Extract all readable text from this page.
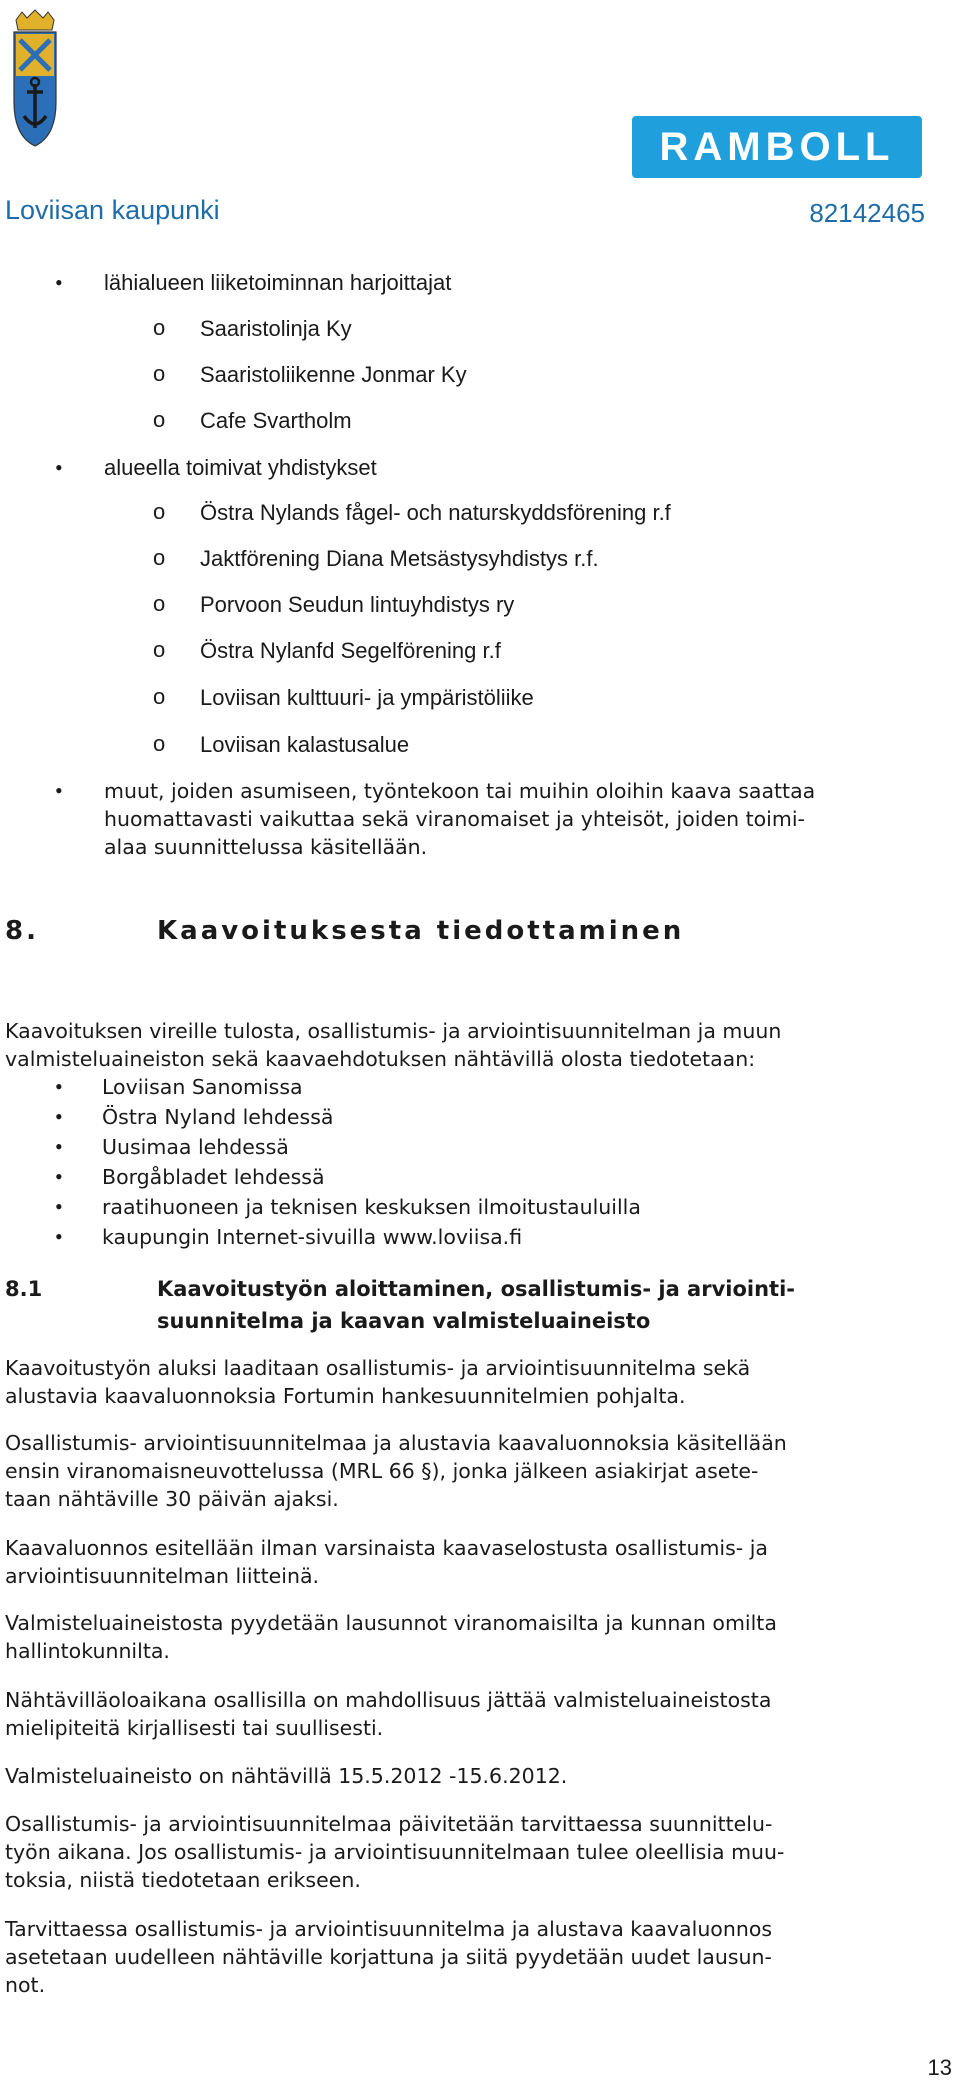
RAMBOLL
Loviisan kaupunki	82142465
• lähialueen liiketoiminnan harjoittajat
o Saaristolinja Ky
o Saaristoliikenne Jonmar Ky
o Cafe Svartholm
• alueella toimivat yhdistykset
o Östra Nylands fågel- och naturskyddsförening r.f
o Jaktförening Diana Metsästysyhdistys r.f.
o Porvoon Seudun lintuyhdistys ry
o Östra Nylanfd Segelförening r.f
o Loviisan kulttuuri- ja ympäristöliike
o Loviisan kalastusalue
• muut, joiden asumiseen, työntekoon tai muihin oloihin kaava saattaa
huomattavasti vaikuttaa sekä viranomaiset ja yhteisöt, joiden toimi-
alaa suunnittelussa käsitellään.
8.	Kaavoituksesta tiedottaminen
Kaavoituksen vireille tulosta, osallistumis- ja arviointisuunnitelman ja muun
valmisteluaineiston sekä kaavaehdotuksen nähtävillä olosta tiedotetaan:
• Loviisan Sanomissa
• Östra Nyland lehdessä
• Uusimaa lehdessä
• Borgåbladet lehdessä
• raatihuoneen ja teknisen keskuksen ilmoitustauluilla
• kaupungin Internet-sivuilla www.loviisa.fi
8.1	Kaavoitustyön aloittaminen, osallistumis- ja arviointi-
suunnitelma ja kaavan valmisteluaineisto
Kaavoitustyön aluksi laaditaan osallistumis- ja arviointisuunnitelma sekä
alustavia kaavaluonnoksia Fortumin hankesuunnitelmien pohjalta.
Osallistumis- arviointisuunnitelmaa ja alustavia kaavaluonnoksia käsitellään
ensin viranomaisneuvottelussa (MRL 66 §), jonka jälkeen asiakirjat asete-
taan nähtäville 30 päivän ajaksi.
Kaavaluonnos esitellään ilman varsinaista kaavaselostusta osallistumis- ja
arviointisuunnitelman liitteinä.
Valmisteluaineistosta pyydetään lausunnot viranomaisilta ja kunnan omilta
hallintokunnilta.
Nähtävilläoloaikana osallisilla on mahdollisuus jättää valmisteluaineistosta
mielipiteitä kirjallisesti tai suullisesti.
Valmisteluaineisto on nähtävillä 15.5.2012 -15.6.2012.
Osallistumis- ja arviointisuunnitelmaa päivitetään tarvittaessa suunnittelu-
työn aikana. Jos osallistumis- ja arviointisuunnitelmaan tulee oleellisia muu-
toksia, niistä tiedotetaan erikseen.
Tarvittaessa osallistumis- ja arviointisuunnitelma ja alustava kaavaluonnos
asetetaan uudelleen nähtäville korjattuna ja siitä pyydetään uudet lausun-
not.
13
